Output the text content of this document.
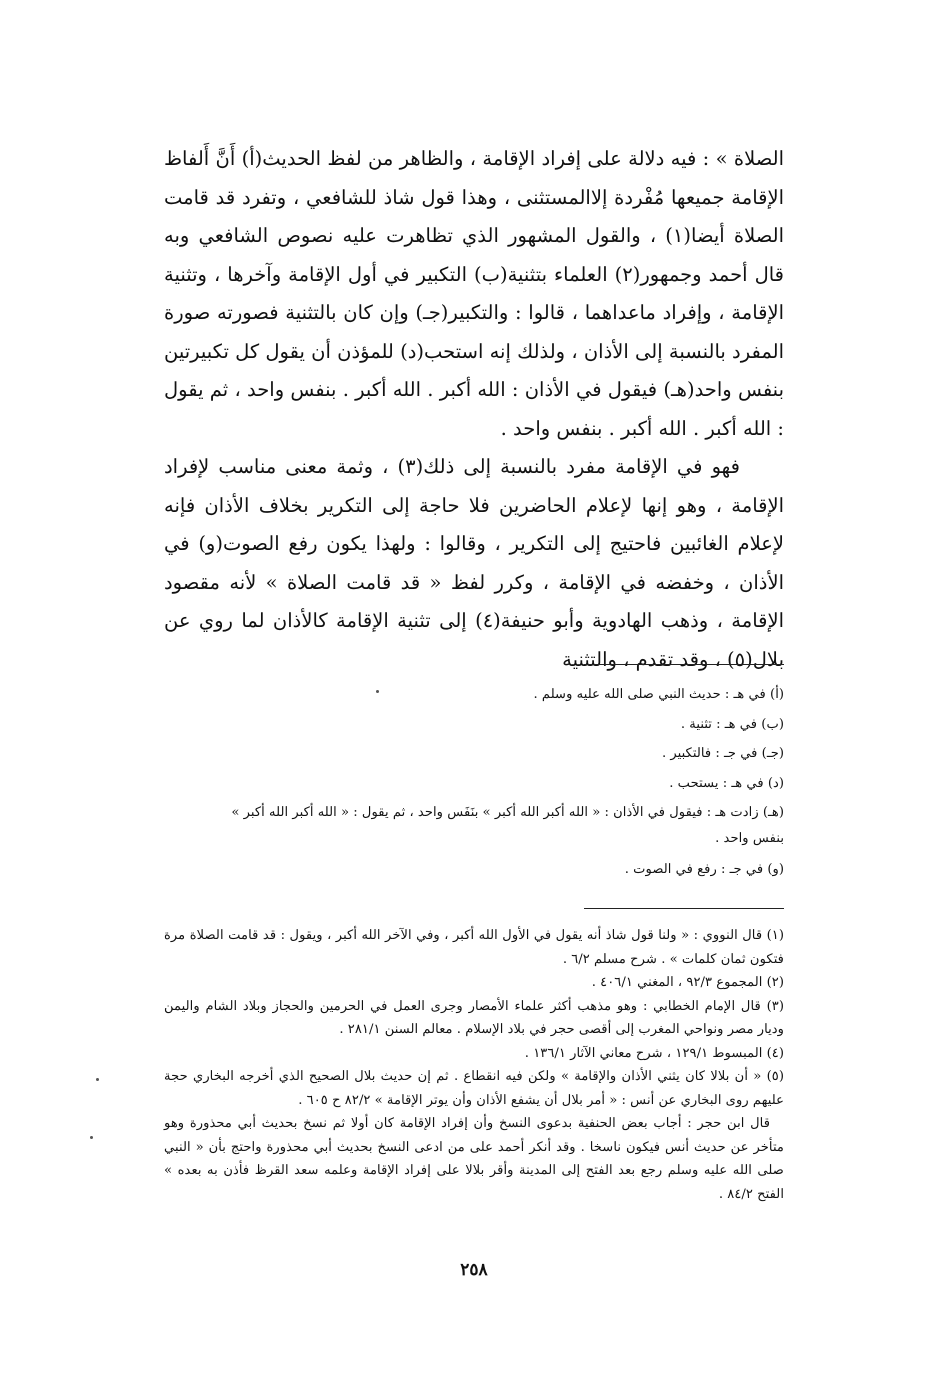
الصلاة » : فيه دلالة على إفراد الإقامة ، والظاهر من لفظ الحديث(أ) أَنَّ أَلفاظ الإقامة جميعها مُفْردة إلاالمستثنى ، وهذا قول شاذ للشافعي ، وتفرد قد قامت الصلاة أيضا(١) ، والقول المشهور الذي تظاهرت عليه نصوص الشافعي وبه قال أحمد وجمهور(٢) العلماء بتثنية(ب) التكبير في أول الإقامة وآخرها ، وتثنية الإقامة ، وإفراد ماعداهما ، قالوا : والتكبير(جـ) وإن كان بالتثنية فصورته صورة المفرد بالنسبة إلى الأذان ، ولذلك إنه استحب(د) للمؤذن أن يقول كل تكبيرتين بنفس واحد(هـ) فيقول في الأذان : الله أكبر . الله أكبر . بنفس واحد ، ثم يقول : الله أكبر . الله أكبر . بنفس واحد .

فهو في الإقامة مفرد بالنسبة إلى ذلك(٣) ، وثمة معنى مناسب لإفراد الإقامة ، وهو إنها لإعلام الحاضرين فلا حاجة إلى التكرير بخلاف الأذان فإنه لإعلام الغائبين فاحتيج إلى التكرير ، وقالوا : ولهذا يكون رفع الصوت(و) في الأذان ، وخفضه في الإقامة ، وكرر لفظ « قد قامت الصلاة » لأنه مقصود الإقامة ، وذهب الهادوية وأبو حنيفة(٤) إلى تثنية الإقامة كالأذان لما روي عن بلال(٥) ، وقد تقدم ، والتثنية

(أ) في هـ : حديث النبي صلى الله عليه وسلم .
(ب) في هـ : تثنية .
(جـ) في جـ : فالتكبير .
(د) في هـ : يستحب .
(هـ) زادت هـ : فيقول في الأذان : « الله أكبر الله أكبر » بنَفَس واحد ، ثم يقول : « الله أكبر الله أكبر »
بنفس واحد .
(و) في جـ : رفع في الصوت .
(١) قال النووي : « ولنا قول شاذ أنه يقول في الأول الله أكبر ، وفي الآخر الله أكبر ، ويقول : قد قامت الصلاة مرة فتكون ثمان كلمات » . شرح مسلم ٦/٢ .
(٢) المجموع ٩٢/٣ ، المغني ٤٠٦/١ .
(٣) قال الإمام الخطابي : وهو مذهب أكثر علماء الأمصار وجرى العمل في الحرمين والحجاز وبلاد الشام واليمن وديار مصر ونواحي المغرب إلى أقصى حجر في بلاد الإسلام . معالم السنن ٢٨١/١ .
(٤) المبسوط ١٢٩/١ ، شرح معاني الآثار ١٣٦/١ .
(٥) « أن بلالا كان يثني الأذان والإقامة » ولكن فيه انقطاع . ثم إن حديث بلال الصحيح الذي أخرجه البخاري حجة عليهم روى البخاري عن أنس : « أمر بلال أن يشفع الأذان وأن يوتر الإقامة » ٨٢/٢ ح ٦٠٥ .
قال ابن حجر : أجاب بعض الحنفية بدعوى النسخ وأن إفراد الإقامة كان أولا ثم نسخ بحديث أبي محذورة وهو متأخر عن حديث أنس فيكون ناسخا . وقد أنكر أحمد على من ادعى النسخ بحديث أبي محذورة واحتج بأن « النبي صلى الله عليه وسلم رجع بعد الفتح إلى المدينة وأقر بلالا على إفراد الإقامة وعلمه سعد القرظ فأذن به بعده » الفتح ٨٤/٢ .
٢٥٨
